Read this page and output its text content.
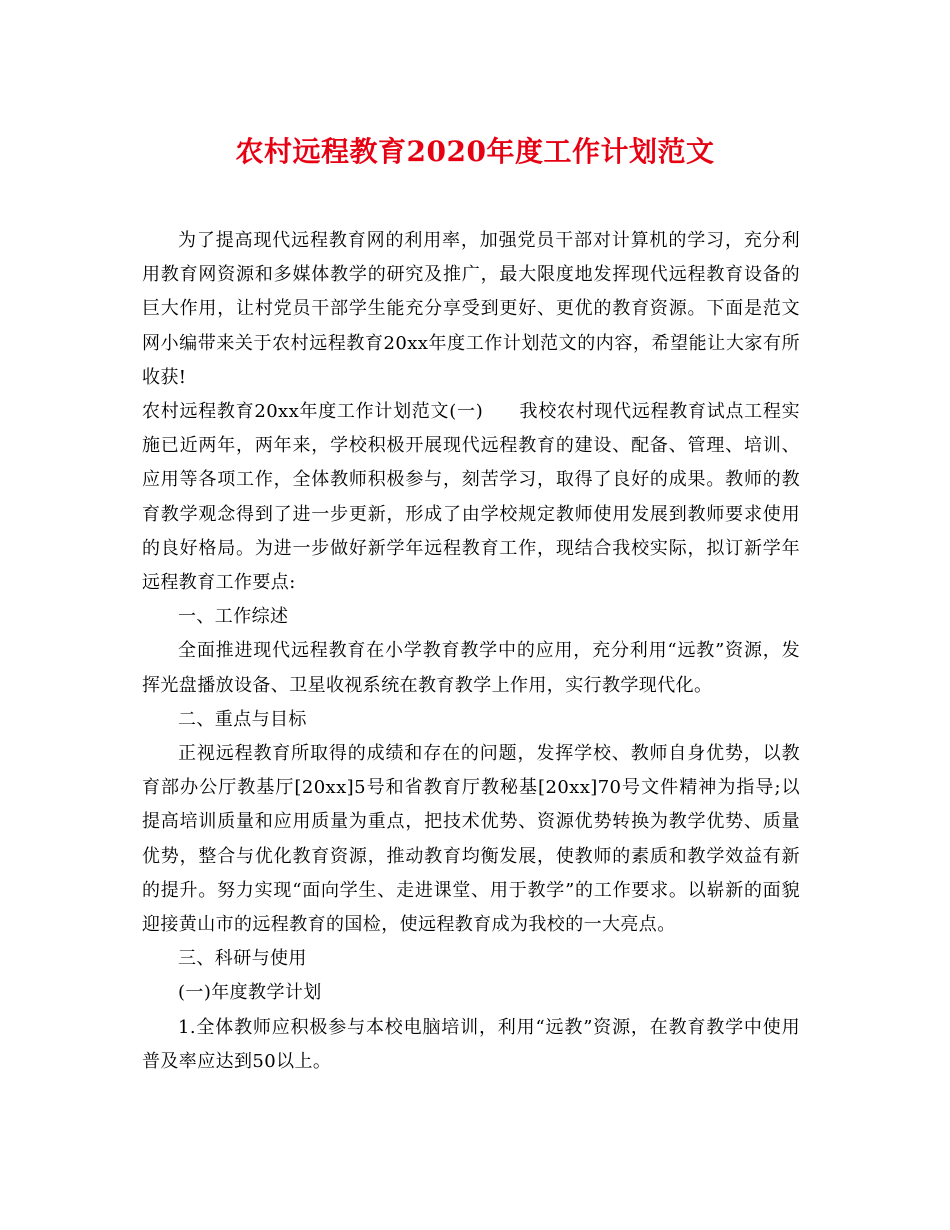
农村远程教育2020年度工作计划范文

为了提高现代远程教育网的利用率，加强党员干部对计算机的学习，充分利用教育网资源和多媒体教学的研究及推广，最大限度地发挥现代远程教育设备的巨大作用，让村党员干部学生能充分享受到更好、更优的教育资源。下面是范文网小编带来关于农村远程教育20xx年度工作计划范文的内容，希望能让大家有所收获!

农村远程教育20xx年度工作计划范文(一) 我校农村现代远程教育试点工程实施已近两年，两年来，学校积极开展现代远程教育的建设、配备、管理、培训、应用等各项工作，全体教师积极参与，刻苦学习，取得了良好的成果。教师的教育教学观念得到了进一步更新，形成了由学校规定教师使用发展到教师要求使用的良好格局。为进一步做好新学年远程教育工作，现结合我校实际，拟订新学年远程教育工作要点:

一、工作综述

全面推进现代远程教育在小学教育教学中的应用，充分利用“远教”资源，发挥光盘播放设备、卫星收视系统在教育教学上作用，实行教学现代化。

二、重点与目标

正视远程教育所取得的成绩和存在的问题，发挥学校、教师自身优势，以教育部办公厅教基厅[20xx]5号和省教育厅教秘基[20xx]70号文件精神为指导;以提高培训质量和应用质量为重点，把技术优势、资源优势转换为教学优势、质量优势，整合与优化教育资源，推动教育均衡发展，使教师的素质和教学效益有新的提升。努力实现“面向学生、走进课堂、用于教学”的工作要求。以崭新的面貌迎接黄山市的远程教育的国检，使远程教育成为我校的一大亮点。

三、科研与使用

(一)年度教学计划

1.全体教师应积极参与本校电脑培训，利用“远教”资源，在教育教学中使用普及率应达到50以上。
